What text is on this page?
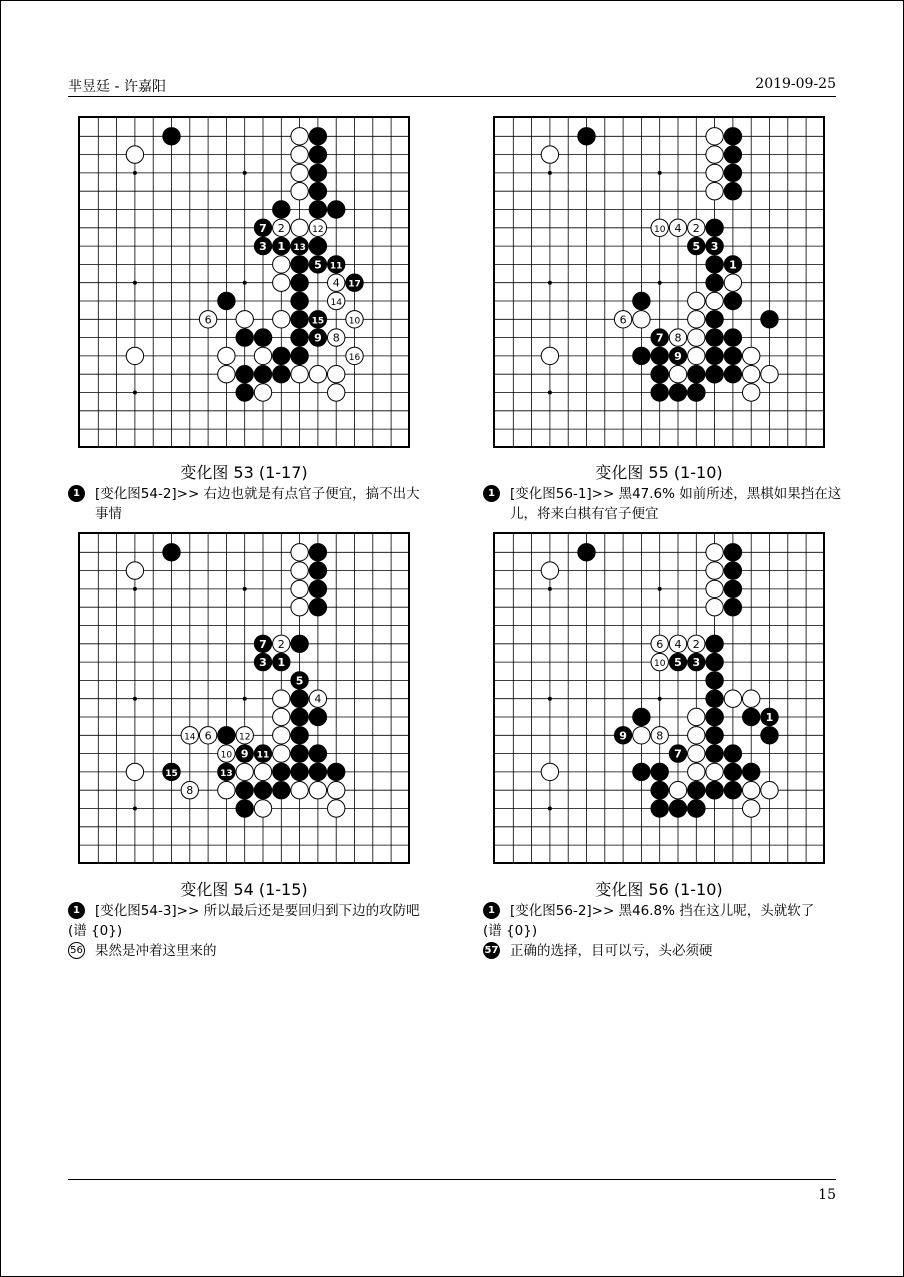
芈昱廷 - 许嘉阳	2019-09-25
7 2	12
3 1 13
5 11
4 17
14
6	15	10
9 8
16
变化图 53 (1-17)
1	[变化图54-2]>> 右边也就是有点官子便宜，搞不出大事情
10 4 2
5 3
1
6
7 8
9
变化图 55 (1-10)
1	[变化图56-1]>> 黑47.6% 如前所述，黑棋如果挡在这儿，将来白棋有官子便宜
7 2
3 1
5
4
14 6	12
10 9 11
15	13
8
变化图 54 (1-15)
1	[变化图54-3]>> 所以最后还是要回归到下边的攻防吧
(谱 {0})
56 果然是冲着这里来的
6 4 2
10 5 3
1
9	8
7
变化图 56 (1-10)
1	[变化图56-2]>> 黑46.8% 挡在这儿呢，头就软了
(谱 {0})
57 正确的选择，目可以亏，头必须硬
15
